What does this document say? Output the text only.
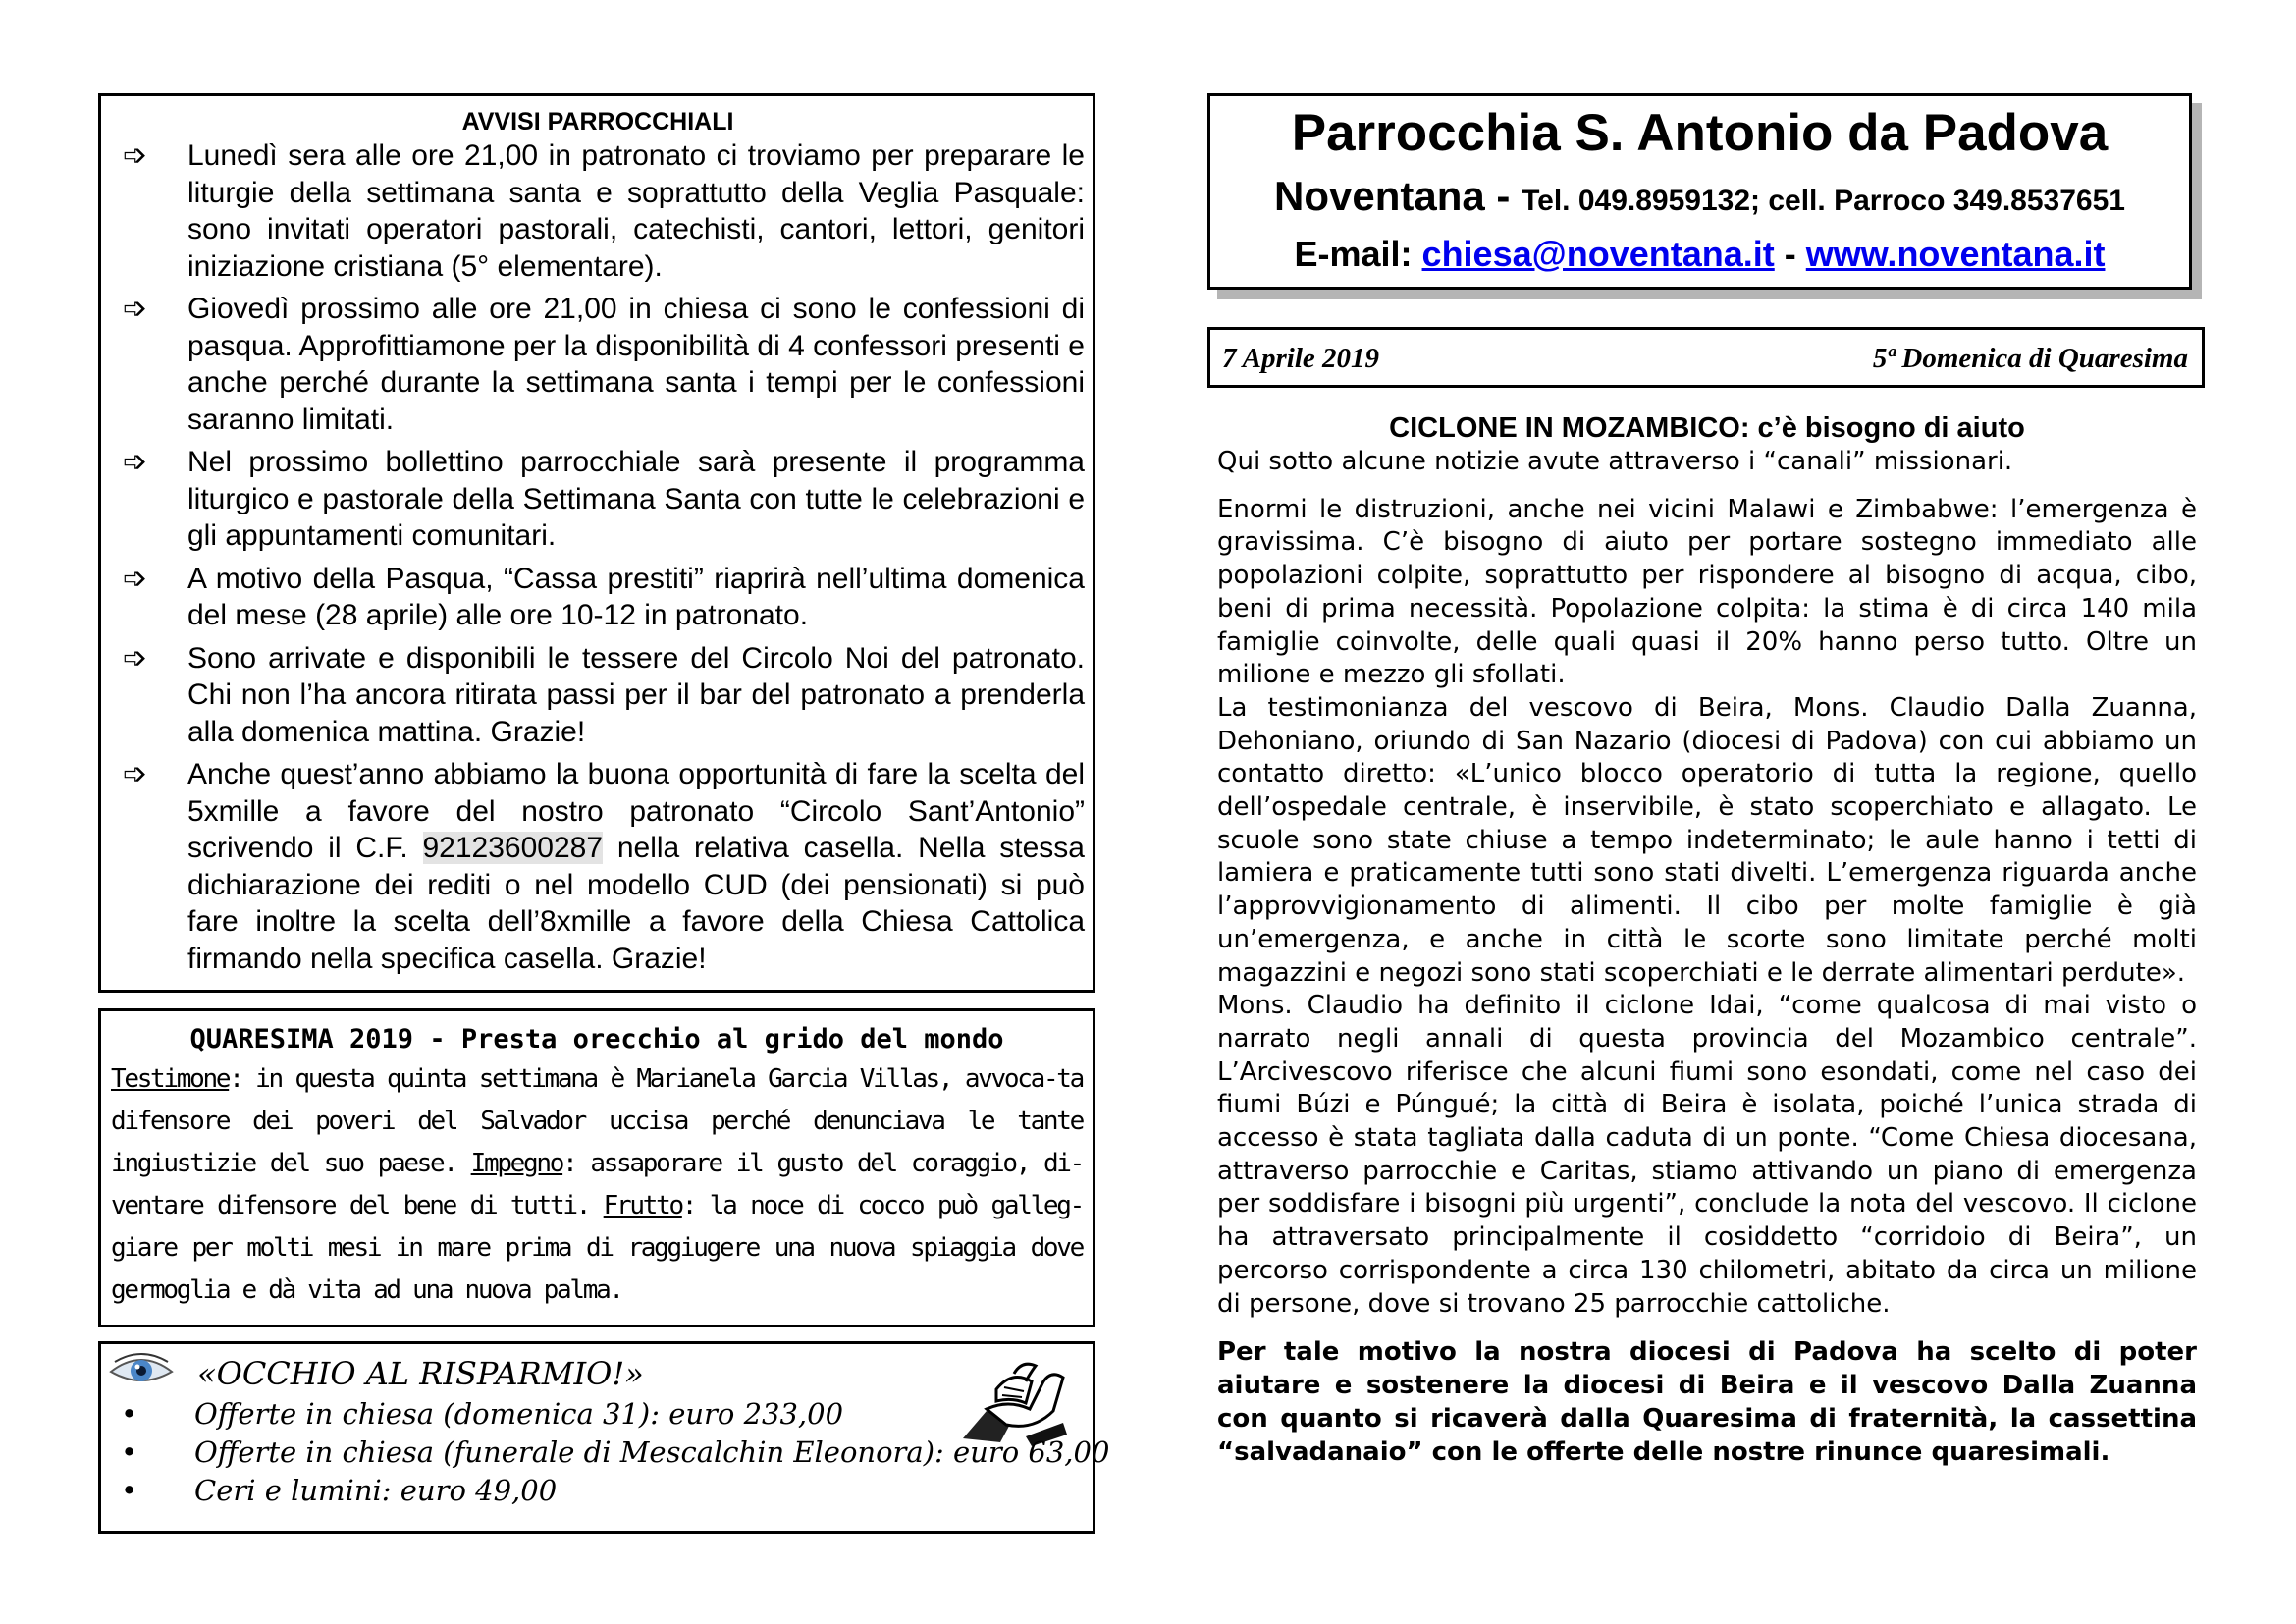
AVVISI PARROCCHIALI
➩	Lunedì sera alle ore 21,00 in patronato ci troviamo per preparare le liturgie della settimana santa e soprattutto della Veglia Pasquale: sono invitati operatori pastorali, catechisti, cantori, lettori, genitori iniziazione cristiana (5° elementare).
➩	Giovedì prossimo alle ore 21,00 in chiesa ci sono le confessioni di pasqua. Approfittiamone per la disponibilità di 4 confessori presenti e anche perché durante la settimana santa i tempi per le confessioni saranno limitati.
➩	Nel prossimo bollettino parrocchiale sarà presente il programma liturgico e pastorale della Settimana Santa con tutte le celebrazioni e gli appuntamenti comunitari.
➩	A motivo della Pasqua, “Cassa prestiti” riaprirà nell’ultima domenica del mese (28 aprile) alle ore 10-12 in patronato.
➩	Sono arrivate e disponibili le tessere del Circolo Noi del patronato. Chi non l’ha ancora ritirata passi per il bar del patronato a prenderla alla domenica mattina. Grazie!
➩	Anche quest’anno abbiamo la buona opportunità di fare la scelta del 5xmille a favore del nostro patronato “Circolo Sant’Antonio” scrivendo il C.F. 92123600287 nella relativa casella. Nella stessa dichiarazione dei rediti o nel modello CUD (dei pensionati) si può fare inoltre la scelta dell’8xmille a favore della Chiesa Cattolica firmando nella specifica casella. Grazie!
QUARESIMA 2019 - Presta orecchio al grido del mondo

Testimone: in questa quinta settimana è Marianela Garcia Villas, avvoca-ta difensore dei poveri del Salvador uccisa perché denunciava le tante ingiustizie del suo paese. Impegno: assaporare il gusto del coraggio, di-ventare difensore del bene di tutti. Frutto: la noce di cocco può galleg-giare per molti mesi in mare prima di raggiugere una nuova spiaggia dove germoglia e dà vita ad una nuova palma.

«OCCHIO AL RISPARMIO!»
• Offerte in chiesa (domenica 31): euro 233,00
• Offerte in chiesa (funerale di Mescalchin Eleonora): euro 63,00
• Ceri e lumini: euro 49,00
Parrocchia S. Antonio da Padova
Noventana - Tel. 049.8959132; cell. Parroco 349.8537651
E-mail: chiesa@noventana.it - www.noventana.it
7 Aprile 2019	5ª Domenica di Quaresima
CICLONE IN MOZAMBICO: c’è bisogno di aiuto

Qui sotto alcune notizie avute attraverso i “canali” missionari.

Enormi le distruzioni, anche nei vicini Malawi e Zimbabwe: l’emergenza è gravissima. C’è bisogno di aiuto per portare sostegno immediato alle popolazioni colpite, soprattutto per rispondere al bisogno di acqua, cibo, beni di prima necessità. Popolazione colpita: la stima è di circa 140 mila famiglie coinvolte, delle quali quasi il 20% hanno perso tutto. Oltre un milione e mezzo gli sfollati.

La testimonianza del vescovo di Beira, Mons. Claudio Dalla Zuanna, Dehoniano, oriundo di San Nazario (diocesi di Padova) con cui abbiamo un contatto diretto: «L’unico blocco operatorio di tutta la regione, quello dell’ospedale centrale, è inservibile, è stato scoperchiato e allagato. Le scuole sono state chiuse a tempo indeterminato; le aule hanno i tetti di lamiera e praticamente tutti sono stati divelti. L’emergenza riguarda anche l’approvvigionamento di alimenti. Il cibo per molte famiglie è già un’emergenza, e anche in città le scorte sono limitate perché molti magazzini e negozi sono stati scoperchiati e le derrate alimentari perdute».

Mons. Claudio ha definito il ciclone Idai, “come qualcosa di mai visto o narrato negli annali di questa provincia del Mozambico centrale”. L’Arcivescovo riferisce che alcuni fiumi sono esondati, come nel caso dei fiumi Búzi e Púngué; la città di Beira è isolata, poiché l’unica strada di accesso è stata tagliata dalla caduta di un ponte. “Come Chiesa diocesana, attraverso parrocchie e Caritas, stiamo attivando un piano di emergenza per soddisfare i bisogni più urgenti”, conclude la nota del vescovo. Il ciclone ha attraversato principalmente il cosiddetto “corridoio di Beira”, un percorso corrispondente a circa 130 chilometri, abitato da circa un milione di persone, dove si trovano 25 parrocchie cattoliche.

Per tale motivo la nostra diocesi di Padova ha scelto di poter aiutare e sostenere la diocesi di Beira e il vescovo Dalla Zuanna con quanto si ricaverà dalla Quaresima di fraternità, la cassettina “salvadanaio” con le offerte delle nostre rinunce quaresimali.
